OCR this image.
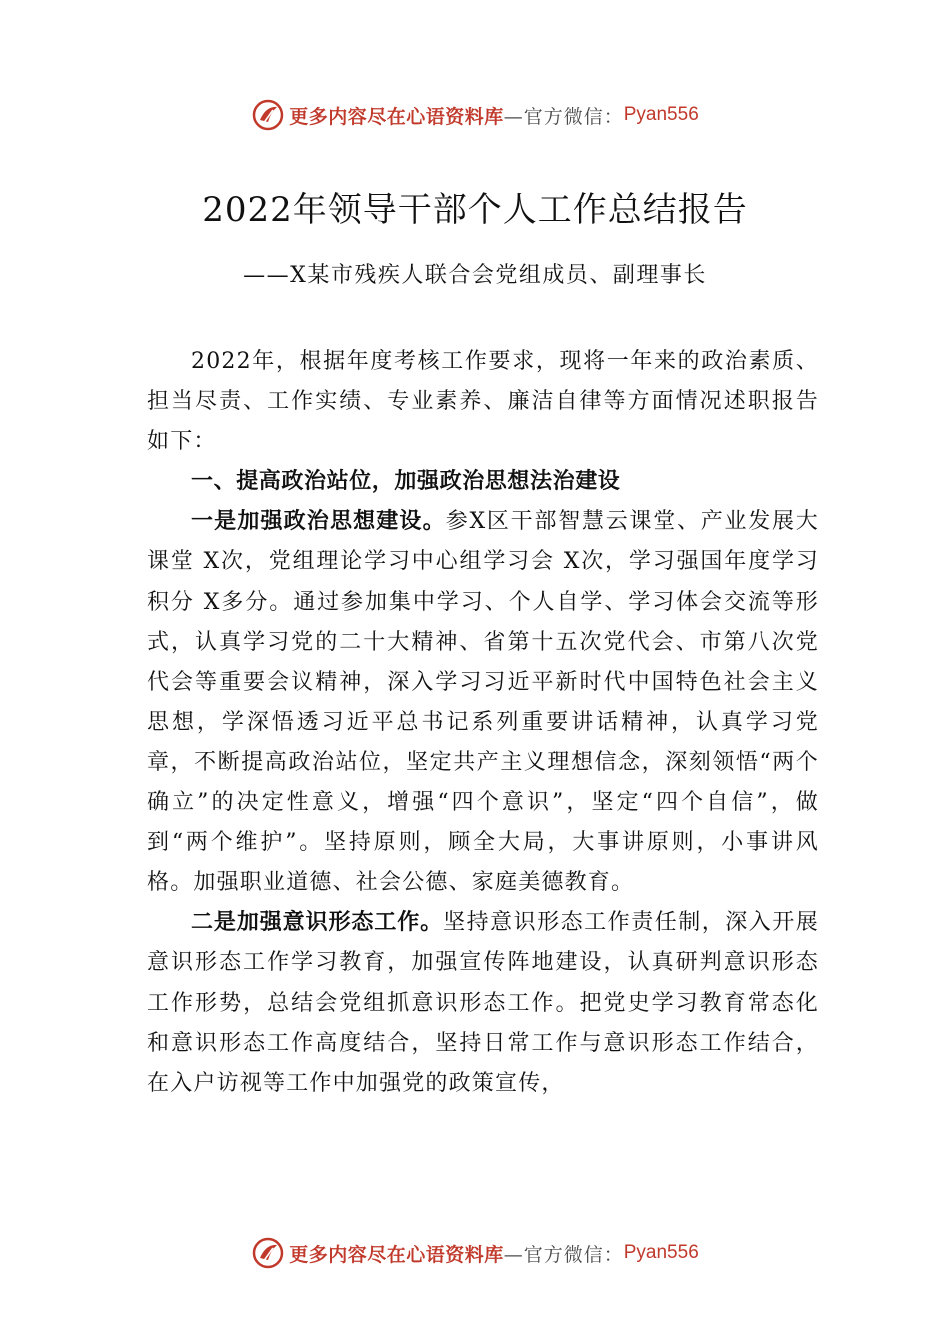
更多内容尽在心语资料库 —官方微信： Pyan556
2022年领导干部个人工作总结报告
——X某市残疾人联合会党组成员、副理事长

2022年，根据年度考核工作要求，现将一年来的政治素质、担当尽责、工作实绩、专业素养、廉洁自律等方面情况述职报告如下：

一、提高政治站位，加强政治思想法治建设

一是加强政治思想建设。参X区干部智慧云课堂、产业发展大课堂 X次，党组理论学习中心组学习会 X次，学习强国年度学习积分 X多分。通过参加集中学习、个人自学、学习体会交流等形式，认真学习党的二十大精神、省第十五次党代会、市第八次党代会等重要会议精神，深入学习习近平新时代中国特色社会主义思想，学深悟透习近平总书记系列重要讲话精神，认真学习党章，不断提高政治站位，坚定共产主义理想信念，深刻领悟“两个确立”的决定性意义，增强“四个意识”，坚定“四个自信”，做到“两个维护”。坚持原则，顾全大局，大事讲原则，小事讲风格。加强职业道德、社会公德、家庭美德教育。

二是加强意识形态工作。坚持意识形态工作责任制，深入开展意识形态工作学习教育，加强宣传阵地建设，认真研判意识形态工作形势，总结会党组抓意识形态工作。把党史学习教育常态化和意识形态工作高度结合，坚持日常工作与意识形态工作结合，在入户访视等工作中加强党的政策宣传，

更多内容尽在心语资料库 —官方微信： Pyan556
